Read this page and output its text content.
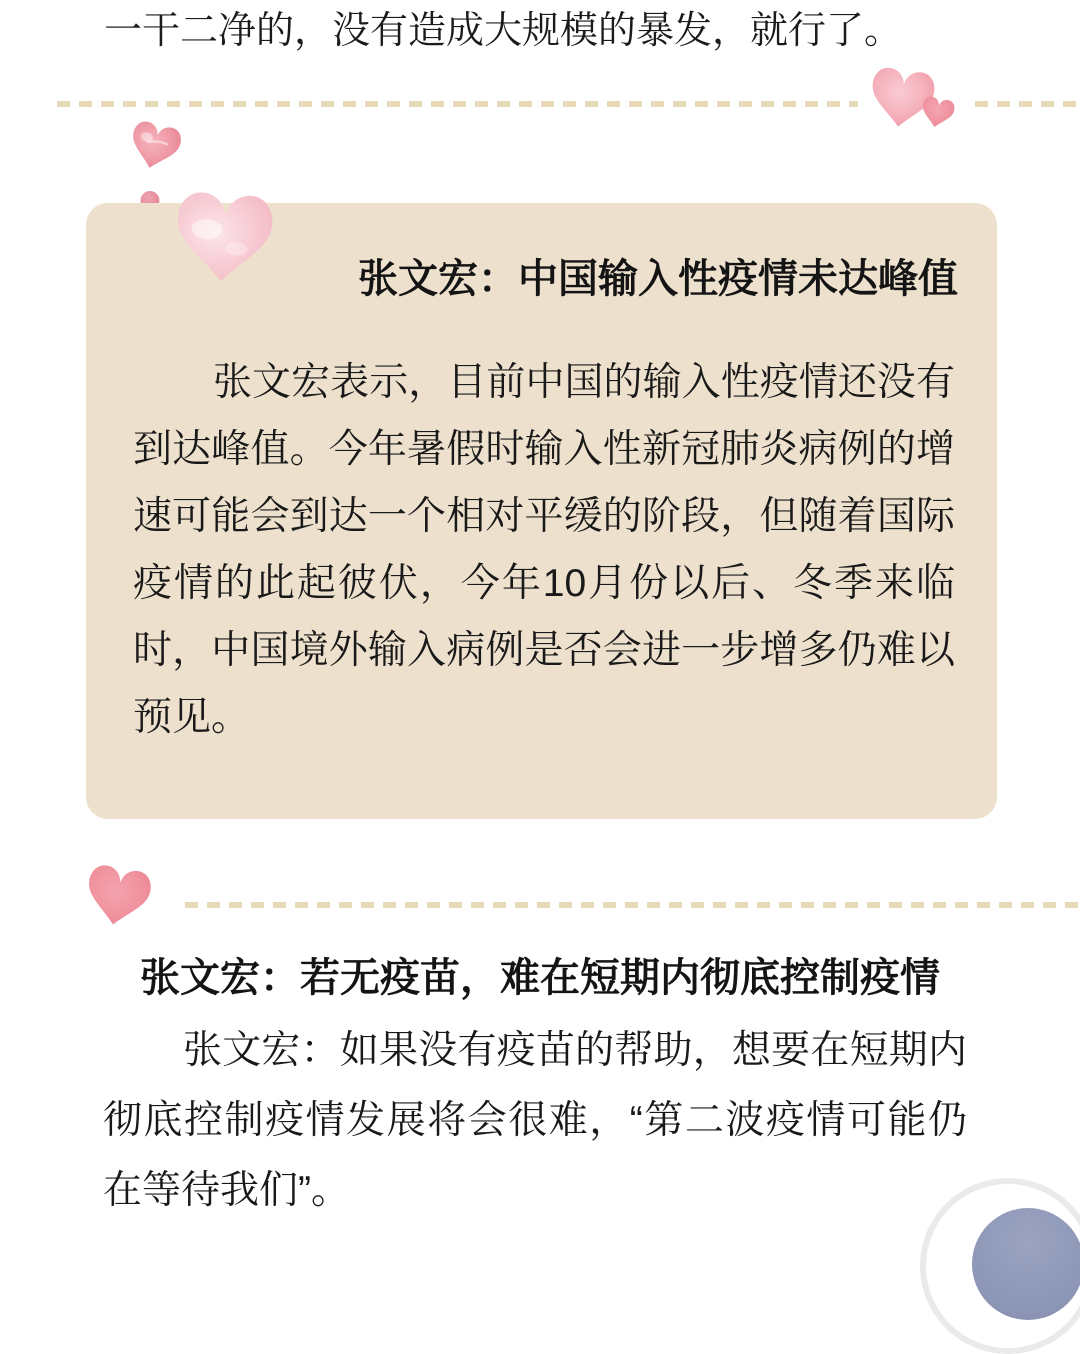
一干二净的，没有造成大规模的暴发，就行了。
张文宏：中国输入性疫情未达峰值
张文宏表示，目前中国的输入性疫情还没有到达峰值。今年暑假时输入性新冠肺炎病例的增速可能会到达一个相对平缓的阶段，但随着国际疫情的此起彼伏，今年10月份以后、冬季来临时，中国境外输入病例是否会进一步增多仍难以预见。
张文宏：若无疫苗，难在短期内彻底控制疫情
张文宏：如果没有疫苗的帮助，想要在短期内彻底控制疫情发展将会很难，“第二波疫情可能仍在等待我们”。
